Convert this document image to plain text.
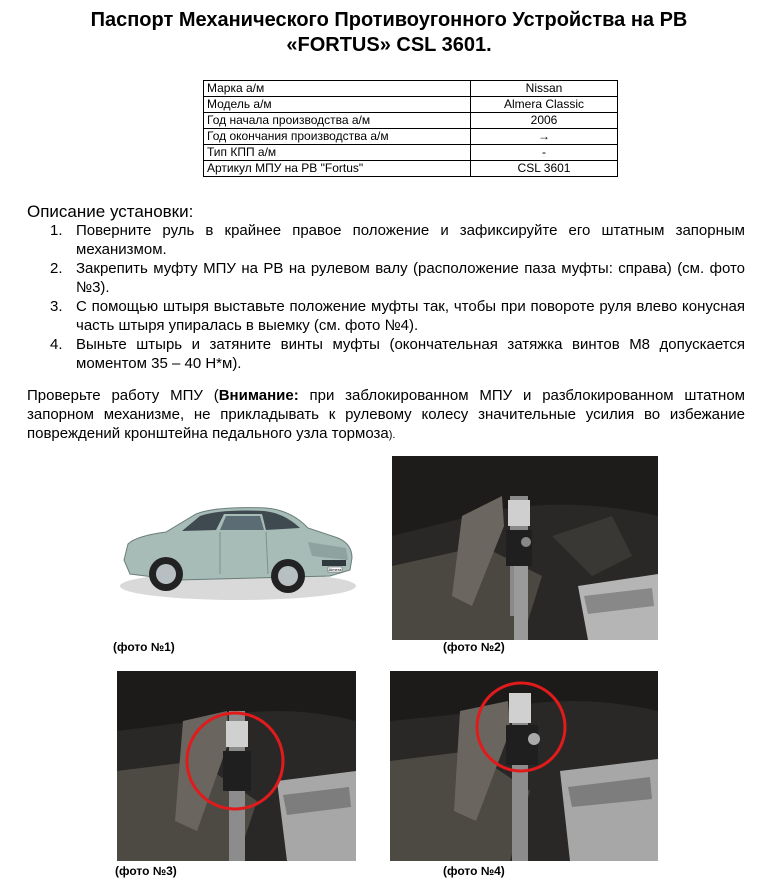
Паспорт Механического Противоугонного Устройства на РВ
«FORTUS» CSL 3601.
Марка а/м	Nissan
Модель а/м	Almera Classic
Год начала производства а/м	2006
Год окончания производства а/м	→
Тип КПП а/м	-
Артикул МПУ на РВ "Fortus"	CSL 3601
Описание установки:
1. Поверните руль в крайнее правое положение и зафиксируйте его штатным запорным механизмом.
2. Закрепить муфту МПУ на РВ на рулевом валу (расположение паза муфты: справа) (см. фото №3).
3. С помощью штыря выставьте положение муфты так, чтобы при повороте руля влево конусная часть штыря упиралась в выемку (см. фото №4).
4. Выньте штырь и затяните винты муфты (окончательная затяжка винтов М8 допускается моментом 35 – 40 Н*м).
Проверьте работу МПУ (Внимание: при заблокированном МПУ и разблокированном штатном запорном механизме, не прикладывать к рулевому колесу значительные усилия во избежание повреждений кронштейна педального узла тормоза).
Almera
(фото №1)	(фото №2)
(фото №3)	(фото №4)
